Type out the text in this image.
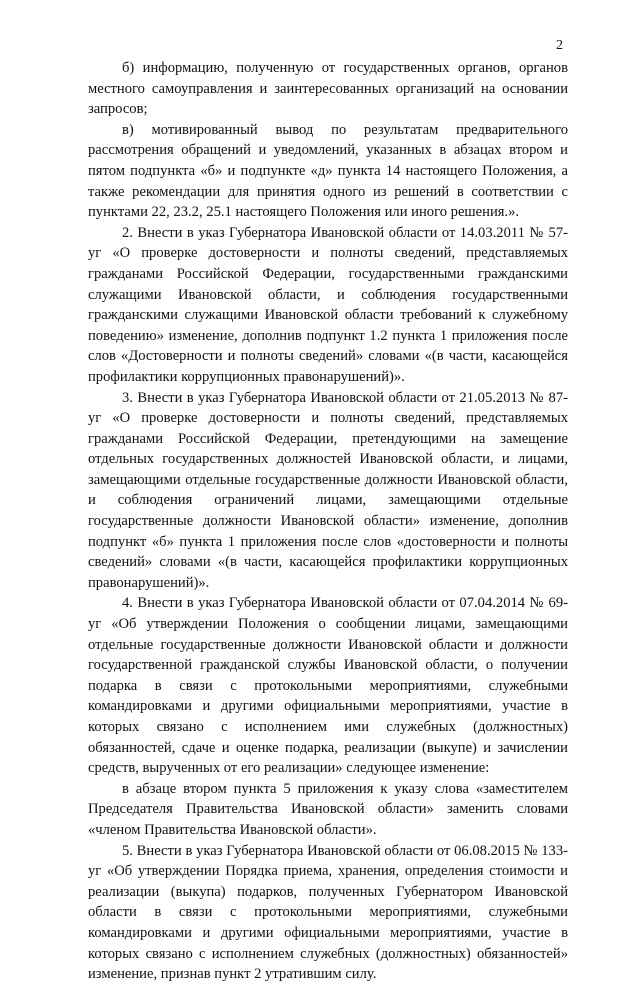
2

б) информацию, полученную от государственных органов, органов местного самоуправления и заинтересованных организаций на основании запросов;

в) мотивированный вывод по результатам предварительного рассмотрения обращений и уведомлений, указанных в абзацах втором и пятом подпункта «б» и подпункте «д» пункта 14 настоящего Положения, а также рекомендации для принятия одного из решений в соответствии с пунктами 22, 23.2, 25.1 настоящего Положения или иного решения.».

2. Внести в указ Губернатора Ивановской области от 14.03.2011 № 57-уг «О проверке достоверности и полноты сведений, представляемых гражданами Российской Федерации, государственными гражданскими служащими Ивановской области, и соблюдения государственными гражданскими служащими Ивановской области требований к служебному поведению» изменение, дополнив подпункт 1.2 пункта 1 приложения после слов «Достоверности и полноты сведений» словами «(в части, касающейся профилактики коррупционных правонарушений)».

3. Внести в указ Губернатора Ивановской области от 21.05.2013 № 87-уг «О проверке достоверности и полноты сведений, представляемых гражданами Российской Федерации, претендующими на замещение отдельных государственных должностей Ивановской области, и лицами, замещающими отдельные государственные должности Ивановской области, и соблюдения ограничений лицами, замещающими отдельные государственные должности Ивановской области» изменение, дополнив подпункт «б» пункта 1 приложения после слов «достоверности и полноты сведений» словами «(в части, касающейся профилактики коррупционных правонарушений)».

4. Внести в указ Губернатора Ивановской области от 07.04.2014 № 69-уг «Об утверждении Положения о сообщении лицами, замещающими отдельные государственные должности Ивановской области и должности государственной гражданской службы Ивановской области, о получении подарка в связи с протокольными мероприятиями, служебными командировками и другими официальными мероприятиями, участие в которых связано с исполнением ими служебных (должностных) обязанностей, сдаче и оценке подарка, реализации (выкупе) и зачислении средств, вырученных от его реализации» следующее изменение:

в абзаце втором пункта 5 приложения к указу слова «заместителем Председателя Правительства Ивановской области» заменить словами «членом Правительства Ивановской области».

5. Внести в указ Губернатора Ивановской области от 06.08.2015 № 133-уг «Об утверждении Порядка приема, хранения, определения стоимости и реализации (выкупа) подарков, полученных Губернатором Ивановской области в связи с протокольными мероприятиями, служебными командировками и другими официальными мероприятиями, участие в которых связано с исполнением служебных (должностных) обязанностей» изменение, признав пункт 2 утратившим силу.
